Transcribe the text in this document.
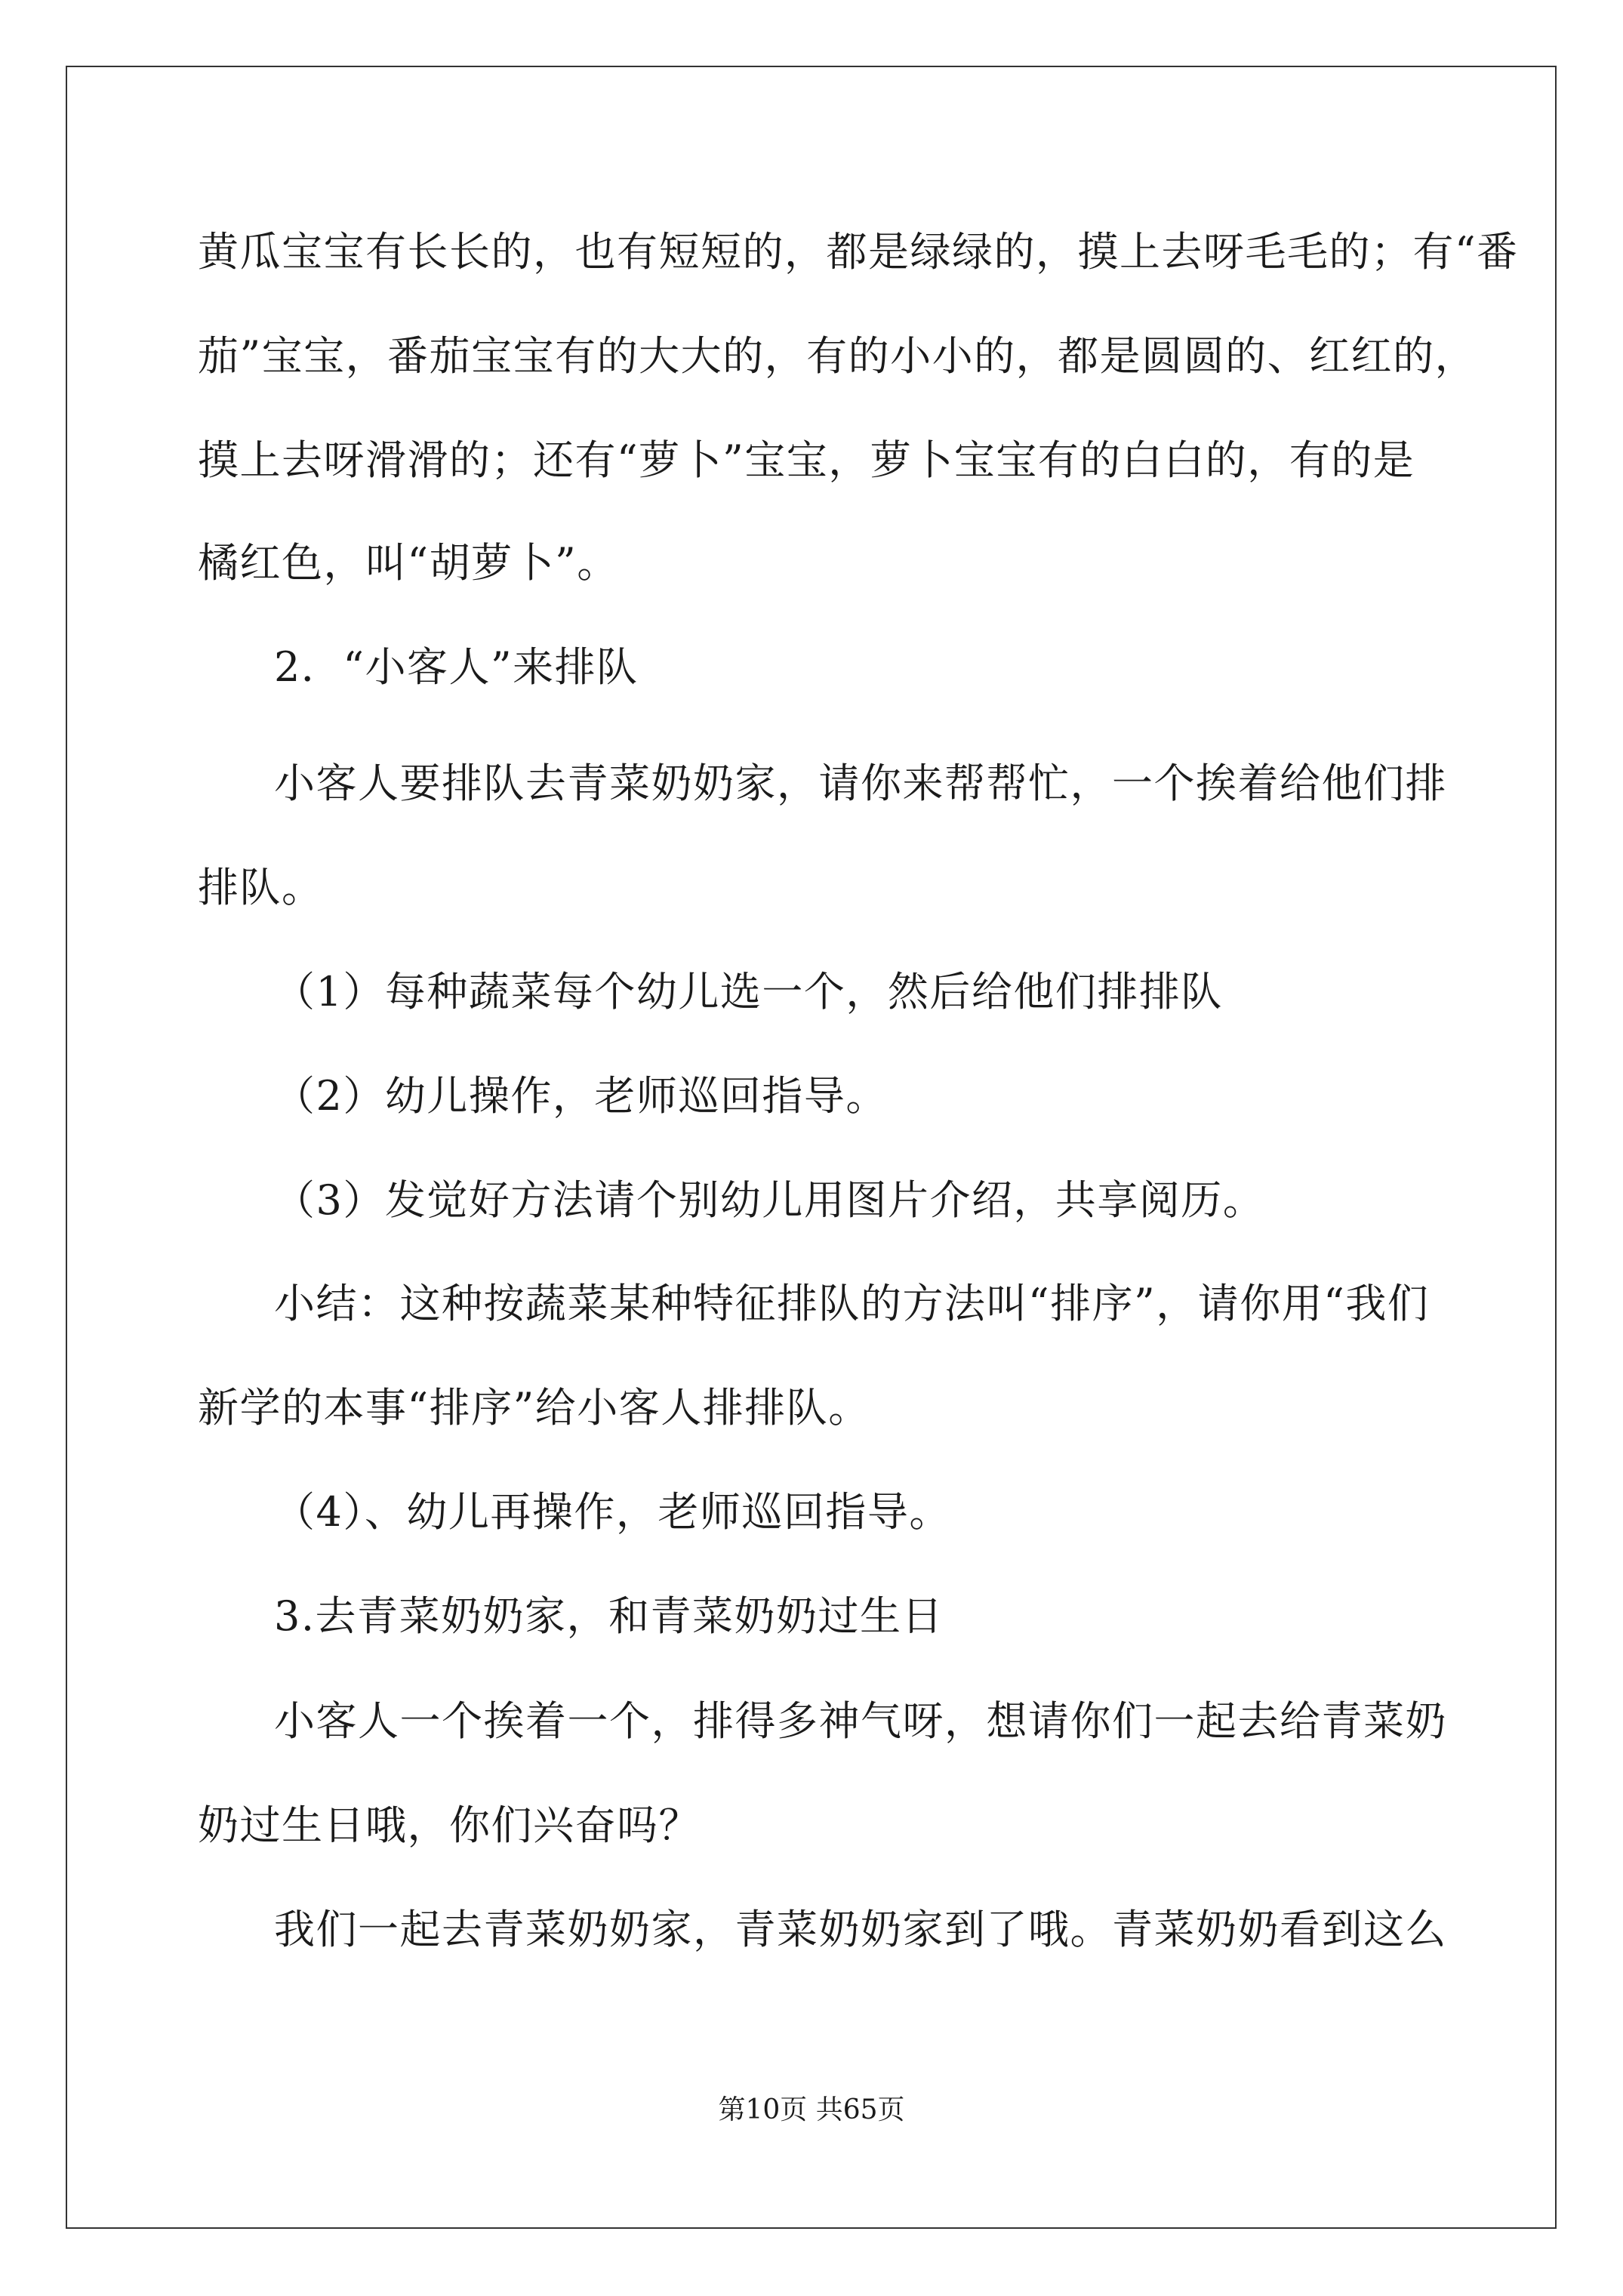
黄瓜宝宝有长长的，也有短短的，都是绿绿的，摸上去呀毛毛的；有“番

茄”宝宝，番茄宝宝有的大大的，有的小小的，都是圆圆的、红红的，

摸上去呀滑滑的；还有“萝卜”宝宝，萝卜宝宝有的白白的，有的是

橘红色，叫“胡萝卜”。

2．“小客人”来排队

小客人要排队去青菜奶奶家，请你来帮帮忙，一个挨着给他们排

排队。

（1）每种蔬菜每个幼儿选一个，然后给他们排排队

（2）幼儿操作，老师巡回指导。

（3）发觉好方法请个别幼儿用图片介绍，共享阅历。

小结：这种按蔬菜某种特征排队的方法叫“排序”，请你用“我们

新学的本事“排序”给小客人排排队。

（4）、幼儿再操作，老师巡回指导。

3.去青菜奶奶家，和青菜奶奶过生日

小客人一个挨着一个，排得多神气呀，想请你们一起去给青菜奶

奶过生日哦，你们兴奋吗？

我们一起去青菜奶奶家，青菜奶奶家到了哦。青菜奶奶看到这么

第10页 共65页
